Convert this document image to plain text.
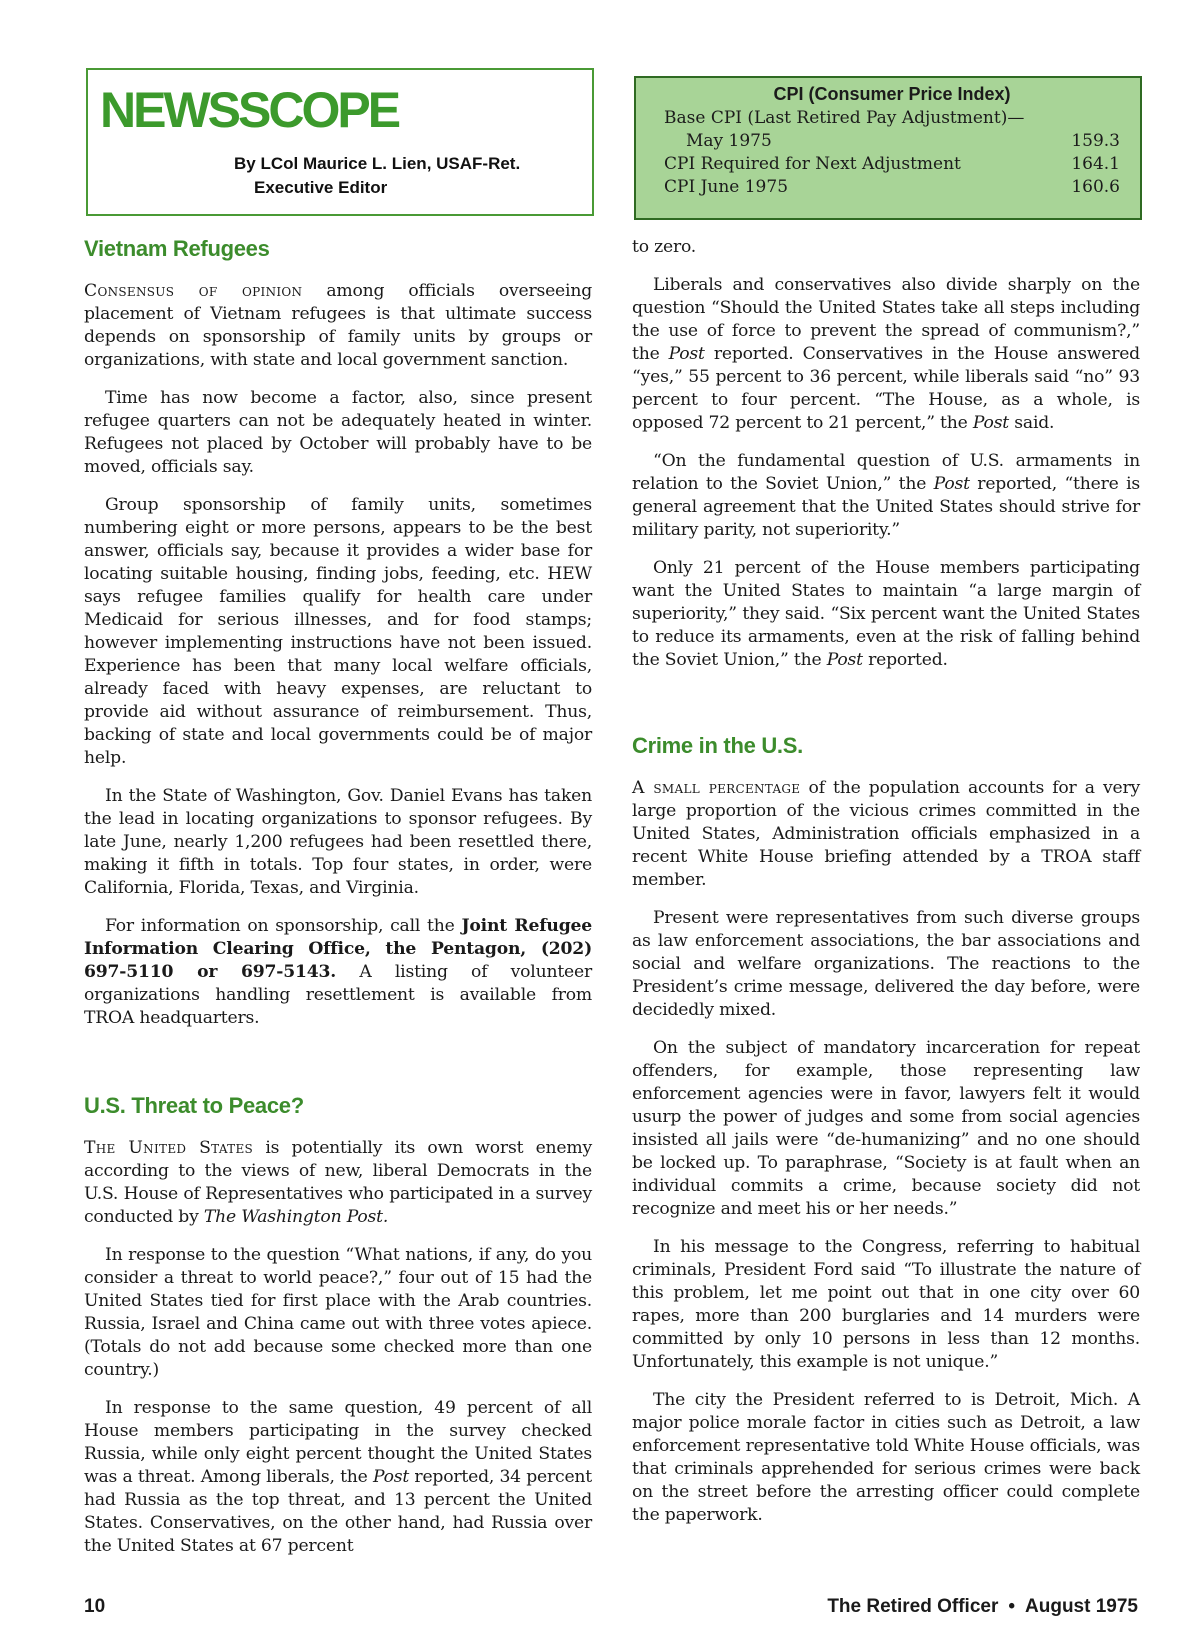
NEWSSCOPE
By LCol Maurice L. Lien, USAF-Ret.
Executive Editor
CPI (Consumer Price Index)
Base CPI (Last Retired Pay Adjustment)—
May 1975	159.3
CPI Required for Next Adjustment	164.1
CPI June 1975	160.6
Vietnam Refugees

Consensus of opinion among officials overseeing placement of Vietnam refugees is that ultimate success depends on sponsorship of family units by groups or organizations, with state and local government sanction.

Time has now become a factor, also, since present refugee quarters can not be adequately heated in winter. Refugees not placed by October will probably have to be moved, officials say.

Group sponsorship of family units, sometimes numbering eight or more persons, appears to be the best answer, officials say, because it provides a wider base for locating suitable housing, finding jobs, feeding, etc. HEW says refugee families qualify for health care under Medicaid for serious illnesses, and for food stamps; however implementing instructions have not been issued. Experience has been that many local welfare officials, already faced with heavy expenses, are reluctant to provide aid without assurance of reimbursement. Thus, backing of state and local governments could be of major help.

In the State of Washington, Gov. Daniel Evans has taken the lead in locating organizations to sponsor refugees. By late June, nearly 1,200 refugees had been resettled there, making it fifth in totals. Top four states, in order, were California, Florida, Texas, and Virginia.

For information on sponsorship, call the Joint Refugee Information Clearing Office, the Pentagon, (202) 697-5110 or 697-5143. A listing of volunteer organizations handling resettlement is available from TROA headquarters.

U.S. Threat to Peace?

The United States is potentially its own worst enemy according to the views of new, liberal Democrats in the U.S. House of Representatives who participated in a survey conducted by The Washington Post.

In response to the question “What nations, if any, do you consider a threat to world peace?,” four out of 15 had the United States tied for first place with the Arab countries. Russia, Israel and China came out with three votes apiece. (Totals do not add because some checked more than one country.)

In response to the same question, 49 percent of all House members participating in the survey checked Russia, while only eight percent thought the United States was a threat. Among liberals, the Post reported, 34 percent had Russia as the top threat, and 13 percent the United States. Conservatives, on the other hand, had Russia over the United States at 67 percent

to zero.

Liberals and conservatives also divide sharply on the question “Should the United States take all steps including the use of force to prevent the spread of communism?,” the Post reported. Conservatives in the House answered “yes,” 55 percent to 36 percent, while liberals said “no” 93 percent to four percent. “The House, as a whole, is opposed 72 percent to 21 percent,” the Post said.

“On the fundamental question of U.S. armaments in relation to the Soviet Union,” the Post reported, “there is general agreement that the United States should strive for military parity, not superiority.”

Only 21 percent of the House members participating want the United States to maintain “a large margin of superiority,” they said. “Six percent want the United States to reduce its armaments, even at the risk of falling behind the Soviet Union,” the Post reported.

Crime in the U.S.

A small percentage of the population accounts for a very large proportion of the vicious crimes committed in the United States, Administration officials emphasized in a recent White House briefing attended by a TROA staff member.

Present were representatives from such diverse groups as law enforcement associations, the bar associations and social and welfare organizations. The reactions to the President’s crime message, delivered the day before, were decidedly mixed.

On the subject of mandatory incarceration for repeat offenders, for example, those representing law enforcement agencies were in favor, lawyers felt it would usurp the power of judges and some from social agencies insisted all jails were “de-humanizing” and no one should be locked up. To paraphrase, “Society is at fault when an individual commits a crime, because society did not recognize and meet his or her needs.”

In his message to the Congress, referring to habitual criminals, President Ford said “To illustrate the nature of this problem, let me point out that in one city over 60 rapes, more than 200 burglaries and 14 murders were committed by only 10 persons in less than 12 months. Unfortunately, this example is not unique.”

The city the President referred to is Detroit, Mich. A major police morale factor in cities such as Detroit, a law enforcement representative told White House officials, was that criminals apprehended for serious crimes were back on the street before the arresting officer could complete the paperwork.

10	The Retired Officer • August 1975
